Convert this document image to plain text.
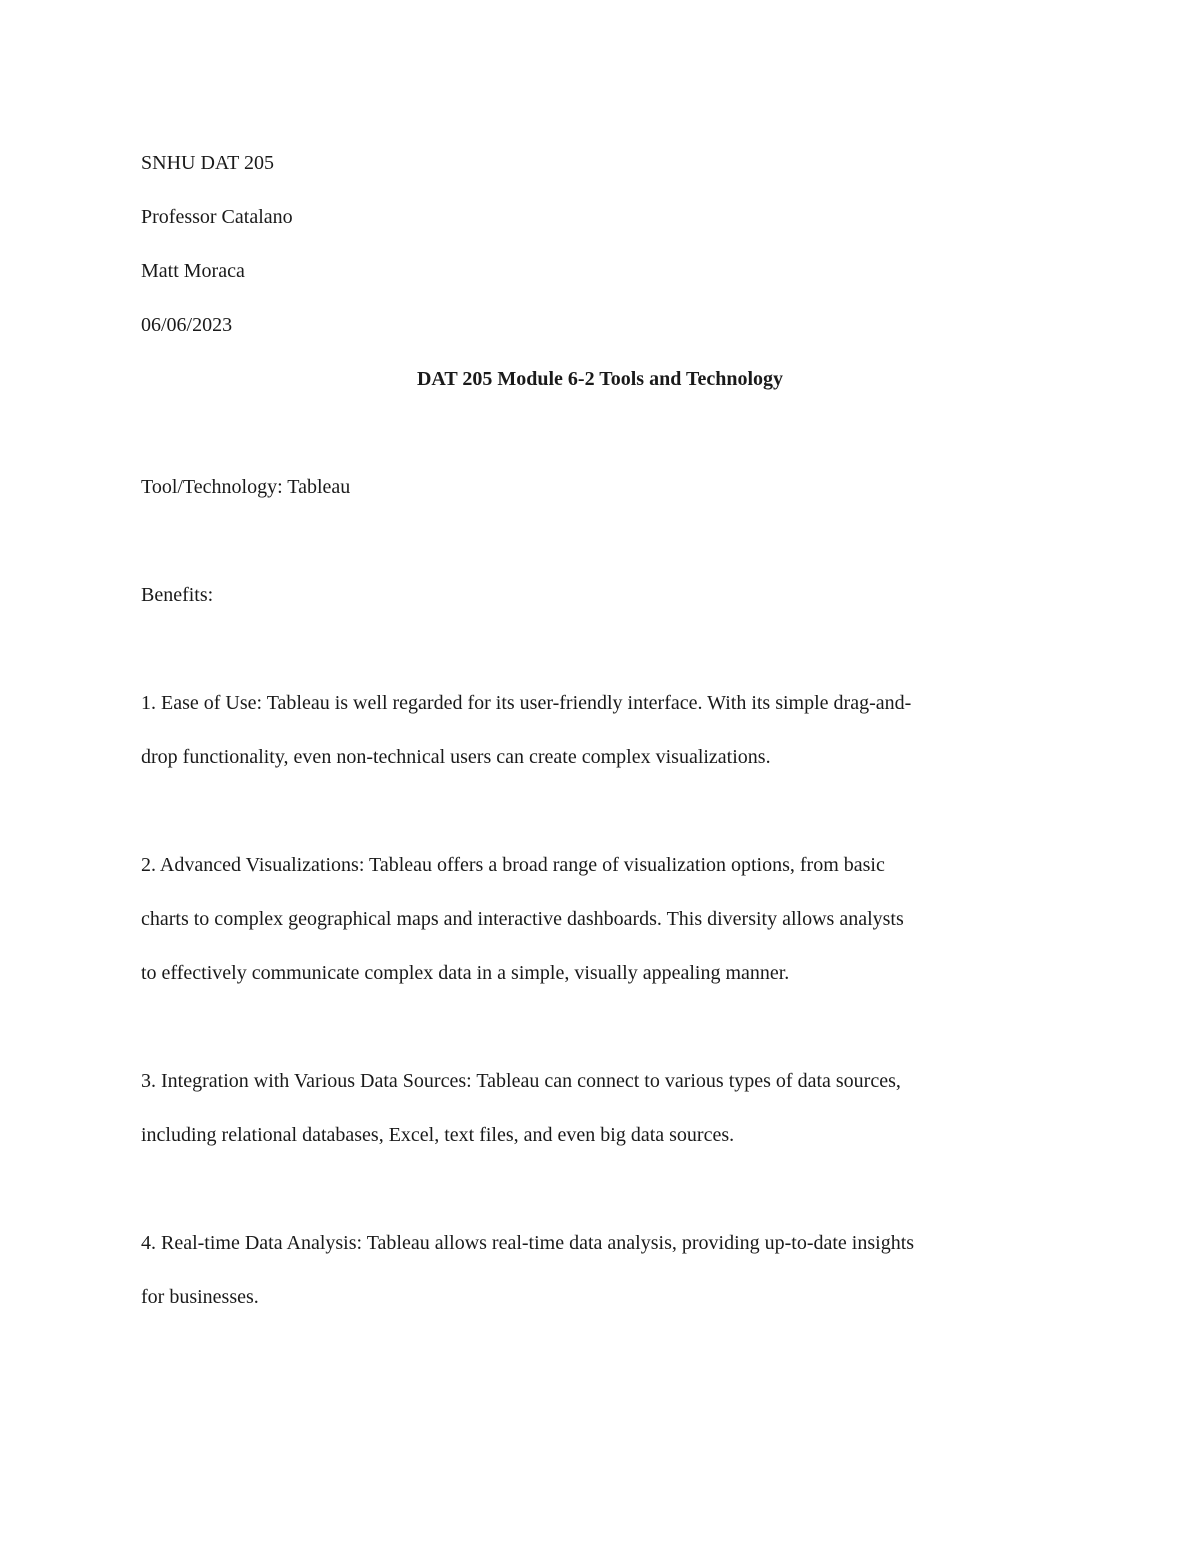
SNHU DAT 205

Professor Catalano

Matt Moraca

06/06/2023

DAT 205 Module 6-2 Tools and Technology

Tool/Technology: Tableau

Benefits:

1. Ease of Use: Tableau is well regarded for its user-friendly interface. With its simple drag-and-

drop functionality, even non-technical users can create complex visualizations.

2. Advanced Visualizations: Tableau offers a broad range of visualization options, from basic

charts to complex geographical maps and interactive dashboards. This diversity allows analysts

to effectively communicate complex data in a simple, visually appealing manner.

3. Integration with Various Data Sources: Tableau can connect to various types of data sources,

including relational databases, Excel, text files, and even big data sources.

4. Real-time Data Analysis: Tableau allows real-time data analysis, providing up-to-date insights

for businesses.
